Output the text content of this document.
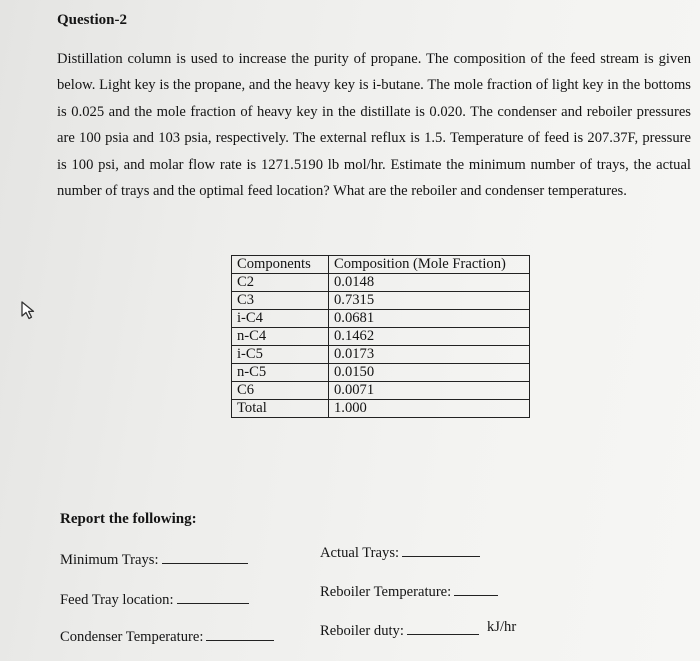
Question-2
Distillation column is used to increase the purity of propane. The composition of the feed stream is given below. Light key is the propane, and the heavy key is i-butane. The mole fraction of light key in the bottoms is 0.025 and the mole fraction of heavy key in the distillate is 0.020. The condenser and reboiler pressures are 100 psia and 103 psia, respectively. The external reflux is 1.5. Temperature of feed is 207.37F, pressure is 100 psi, and molar flow rate is 1271.5190 lb mol/hr. Estimate the minimum number of trays, the actual number of trays and the optimal feed location? What are the reboiler and condenser temperatures.
Components	Composition (Mole Fraction)
C2	0.0148
C3	0.7315
i-C4	0.0681
n-C4	0.1462
i-C5	0.0173
n-C5	0.0150
C6	0.0071
Total	1.000
Report the following:
Minimum Trays:
Feed Tray location:
Condenser Temperature:
Actual Trays:
Reboiler Temperature:
Reboiler duty:	kJ/hr
